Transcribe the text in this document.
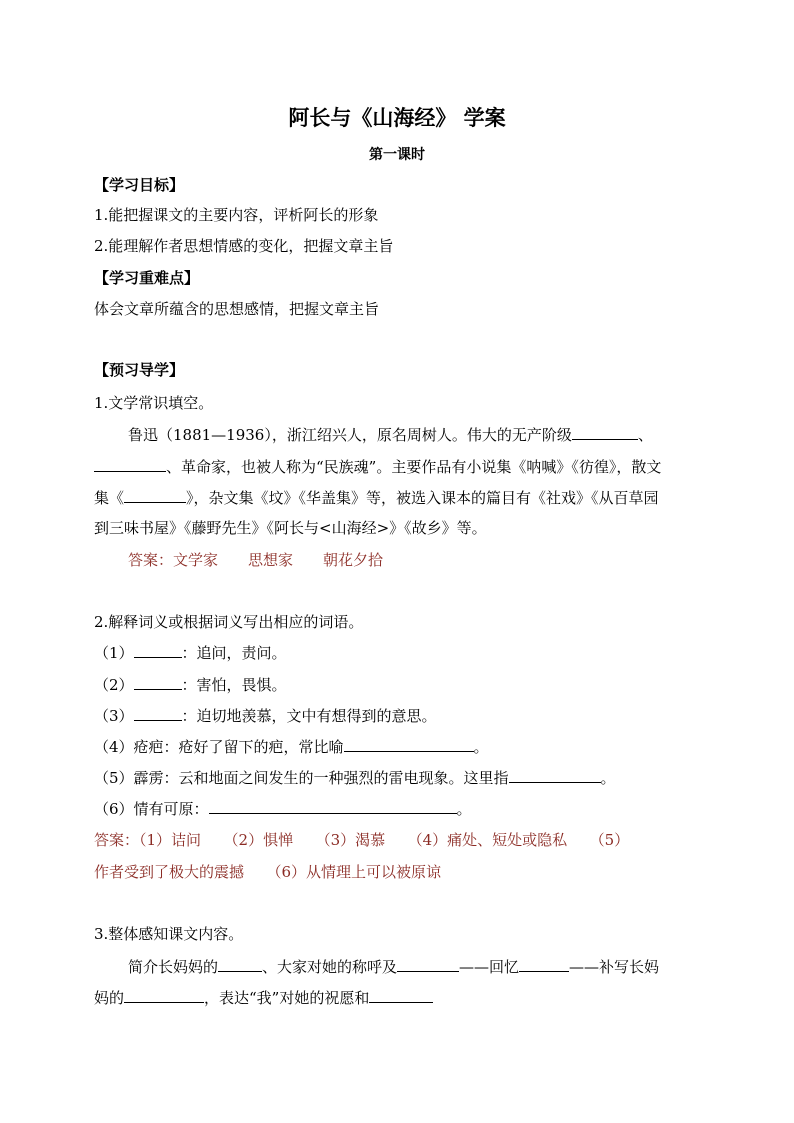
阿长与《山海经》 学案
第一课时
【学习目标】
1.能把握课文的主要内容，评析阿长的形象
2.能理解作者思想情感的变化，把握文章主旨
【学习重难点】
体会文章所蕴含的思想感情，把握文章主旨
【预习导学】
1.文学常识填空。
鲁迅（1881—1936），浙江绍兴人，原名周树人。伟大的无产阶级	、
、革命家，也被人称为“民族魂”。主要作品有小说集《呐喊》《彷徨》，散文
集《	》，杂文集《坟》《华盖集》等，被选入课本的篇目有《社戏》《从百草园
到三味书屋》《藤野先生》《阿长与<山海经>》《故乡》等。
答案：文学家　　思想家　　朝花夕拾
2.解释词义或根据词义写出相应的词语。
（1）	：追问，责问。
（2）	：害怕，畏惧。
（3）	：迫切地羡慕，文中有想得到的意思。
（4）疮疤：疮好了留下的疤，常比喻	。
（5）霹雳：云和地面之间发生的一种强烈的雷电现象。这里指	。
（6）情有可原：	。
答案：（1）诘问　　（2）惧惮　　（3）渴慕　　（4）痛处、短处或隐私　　（5）
作者受到了极大的震撼　　（6）从情理上可以被原谅
3.整体感知课文内容。
简介长妈妈的	、大家对她的称呼及	——回忆	——补写长妈
妈的	，表达“我”对她的祝愿和
